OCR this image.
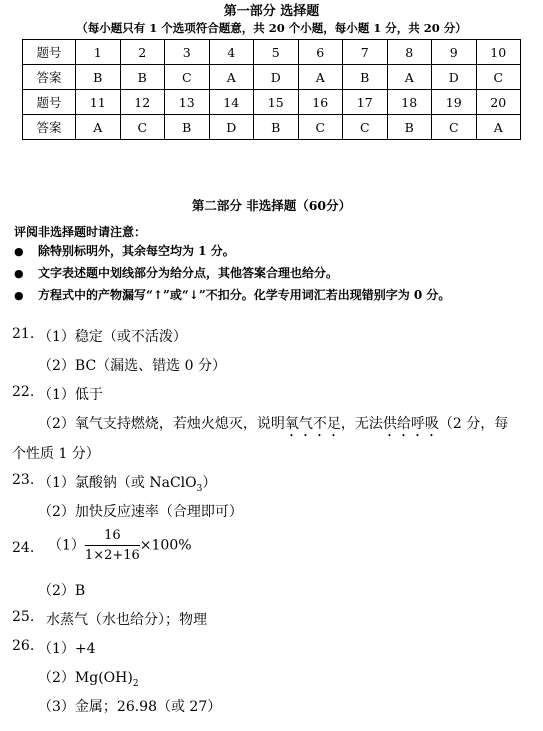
第一部分 选择题
（每小题只有 1 个选项符合题意，共 20 个小题，每小题 1 分，共 20 分）
题号	1	2	3	4	5	6	7	8	9	10
答案	B	B	C	A	D	A	B	A	D	C
题号	11	12	13	14	15	16	17	18	19	20
答案	A	C	B	D	B	C	C	B	C	A
第二部分 非选择题（60分）
评阅非选择题时请注意：
● 除特别标明外，其余每空均为 1 分。
● 文字表述题中划线部分为给分点，其他答案合理也给分。
● 方程式中的产物漏写“↑”或“↓”不扣分。化学专用词汇若出现错别字为 0 分。
21. （1）稳定（或不活泼）
（2）BC（漏选、错选 0 分）
22. （1）低于
（2）氧气支持燃烧，若烛火熄灭，说明氧气不足，无法供给呼吸（2 分，每
个性质 1 分）
23. （1）氯酸钠（或 NaClO$_3$）
（2）加快反应速率（合理即可）
24. $(1) \frac{16}{1\times 2+16} \times 100\%$
（2）B
25. 水蒸气（水也给分）；物理
26. （1）+4
$(2)Mg(OH)_2$
（3）金属；26.98（或 27）
